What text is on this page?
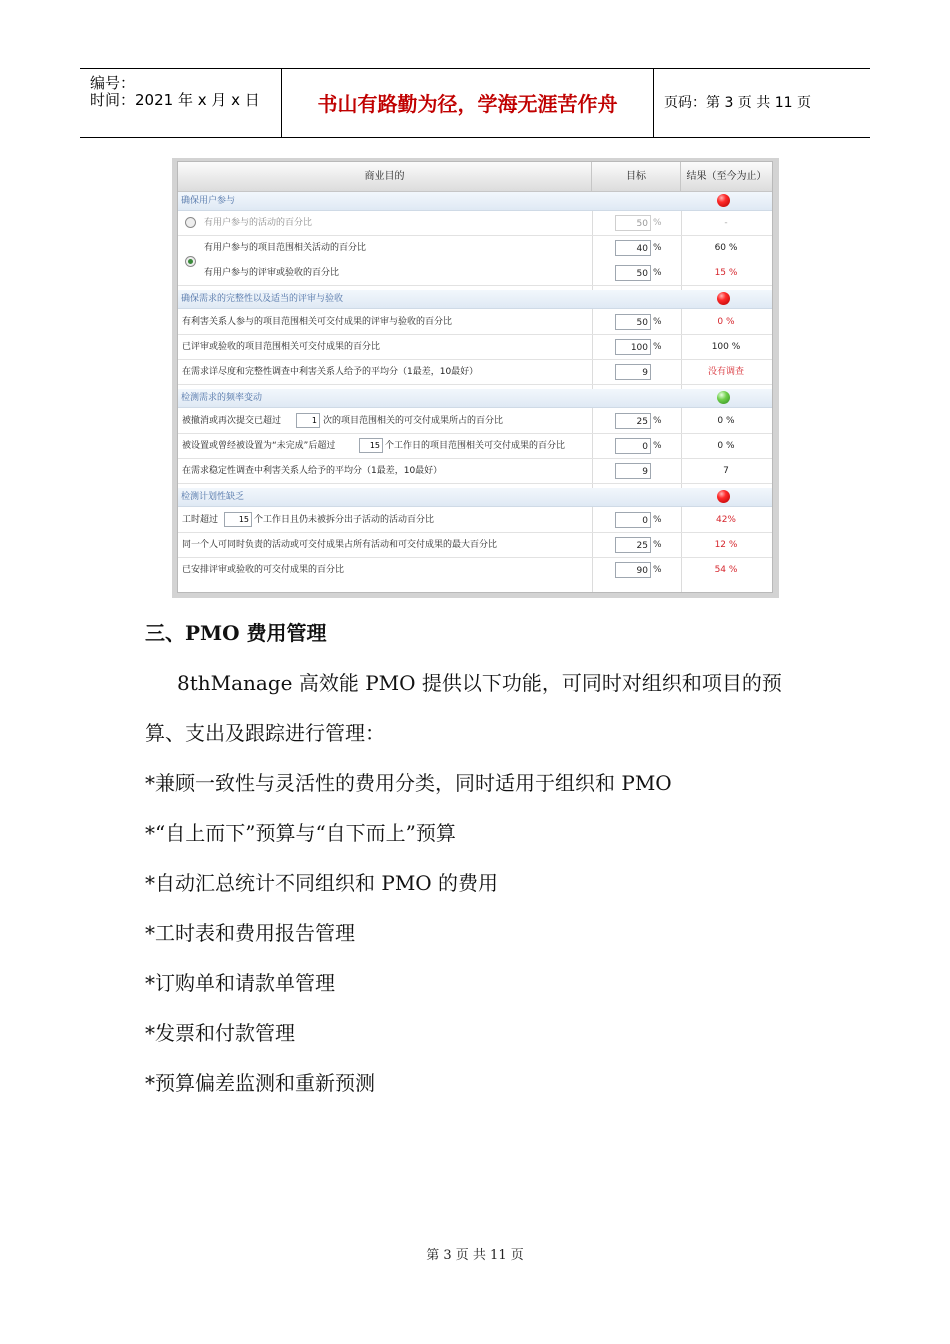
编号：
时间：2021 年 x 月 x 日	书山有路勤为径，学海无涯苦作舟	页码：第 3 页 共 11 页
商业目的	目标	结果（至今为止）
确保用户参与
有用户参与的活动的百分比	50 %	-
有用户参与的项目范围相关活动的百分比	40 %	60 %
有用户参与的评审或验收的百分比	50 %	15 %
确保需求的完整性以及适当的评审与验收
有利害关系人参与的项目范围相关可交付成果的评审与验收的百分比	50 %	0 %
已评审或验收的项目范围相关可交付成果的百分比	100 %	100 %
在需求详尽度和完整性调查中利害关系人给予的平均分（1最差，10最好）	9	没有调查
检测需求的频率变动
被撤消或再次提交已超过	1 次的项目范围相关的可交付成果所占的百分比	25 %	0 %
被设置或曾经被设置为“未完成”后超过	15 个工作日的项目范围相关可交付成果的百分比	0 %	0 %
在需求稳定性调查中利害关系人给予的平均分（1最差，10最好）	9	7
检测计划性缺乏
工时超过	15 个工作日且仍未被拆分出子活动的活动百分比	0 %	42%
同一个人可同时负责的活动或可交付成果占所有活动和可交付成果的最大百分比	25 %	12 %
已安排评审或验收的可交付成果的百分比	90 %	54 %
三、PMO 费用管理
8thManage 高效能 PMO 提供以下功能，可同时对组织和项目的预
算、支出及跟踪进行管理：
*兼顾一致性与灵活性的费用分类，同时适用于组织和 PMO
*“自上而下”预算与“自下而上”预算
*自动汇总统计不同组织和 PMO 的费用
*工时表和费用报告管理
*订购单和请款单管理
*发票和付款管理
*预算偏差监测和重新预测
第 3 页 共 11 页
